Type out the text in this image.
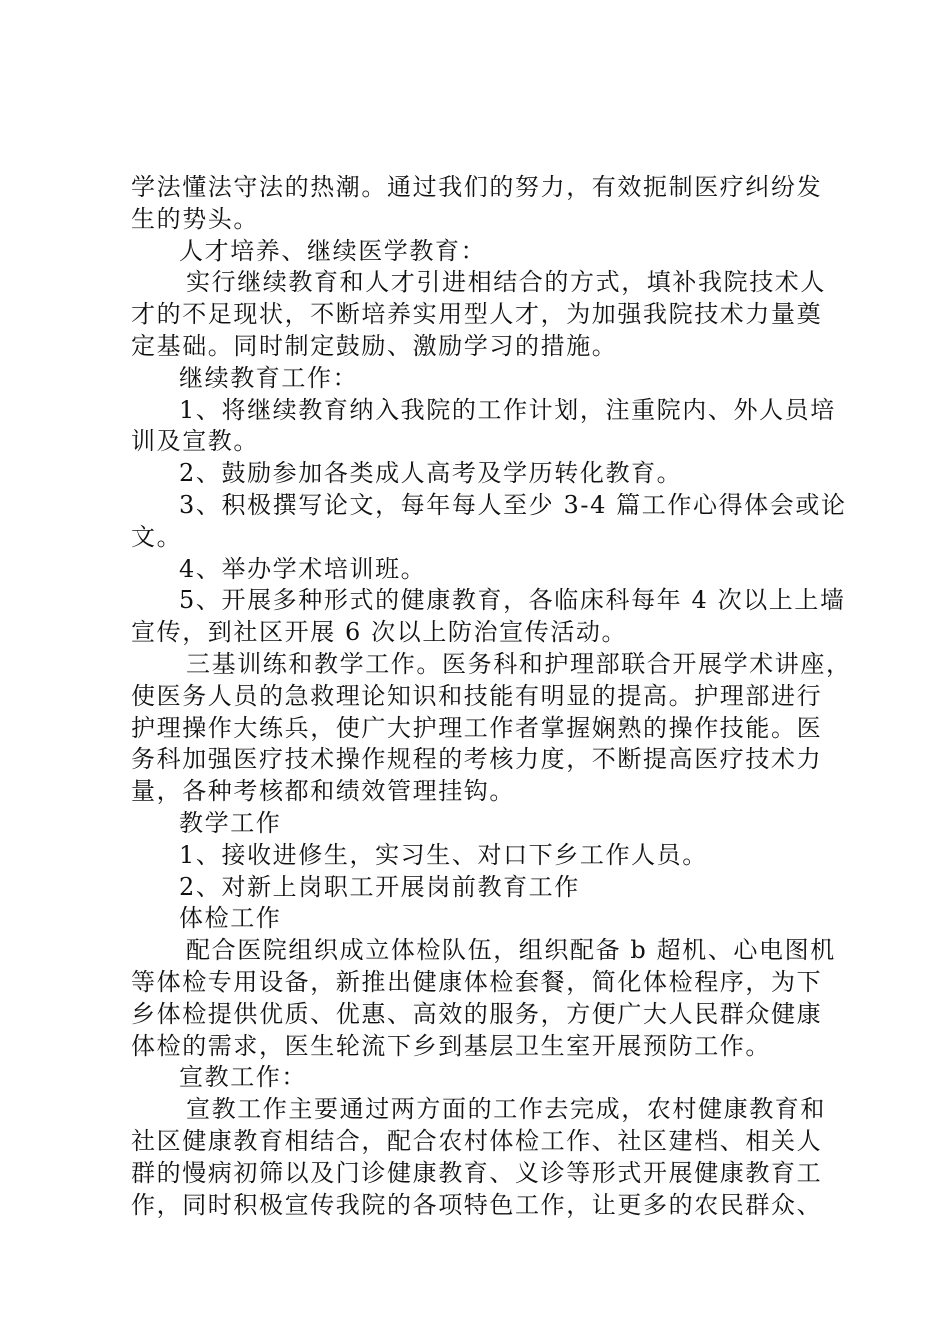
学法懂法守法的热潮。通过我们的努力，有效扼制医疗纠纷发
生的势头。
人才培养、继续医学教育：
实行继续教育和人才引进相结合的方式，填补我院技术人
才的不足现状，不断培养实用型人才，为加强我院技术力量奠
定基础。同时制定鼓励、激励学习的措施。
继续教育工作：
1、将继续教育纳入我院的工作计划，注重院内、外人员培
训及宣教。
2、鼓励参加各类成人高考及学历转化教育。
3、积极撰写论文，每年每人至少 3-4 篇工作心得体会或论
文。
4、举办学术培训班。
5、开展多种形式的健康教育，各临床科每年 4 次以上上墙
宣传，到社区开展 6 次以上防治宣传活动。
三基训练和教学工作。医务科和护理部联合开展学术讲座，
使医务人员的急救理论知识和技能有明显的提高。护理部进行
护理操作大练兵，使广大护理工作者掌握娴熟的操作技能。医
务科加强医疗技术操作规程的考核力度，不断提高医疗技术力
量，各种考核都和绩效管理挂钩。
教学工作
1、接收进修生，实习生、对口下乡工作人员。
2、对新上岗职工开展岗前教育工作
体检工作
配合医院组织成立体检队伍，组织配备 b 超机、心电图机
等体检专用设备，新推出健康体检套餐，简化体检程序，为下
乡体检提供优质、优惠、高效的服务，方便广大人民群众健康
体检的需求，医生轮流下乡到基层卫生室开展预防工作。
宣教工作：
宣教工作主要通过两方面的工作去完成，农村健康教育和
社区健康教育相结合，配合农村体检工作、社区建档、相关人
群的慢病初筛以及门诊健康教育、义诊等形式开展健康教育工
作，同时积极宣传我院的各项特色工作，让更多的农民群众、
